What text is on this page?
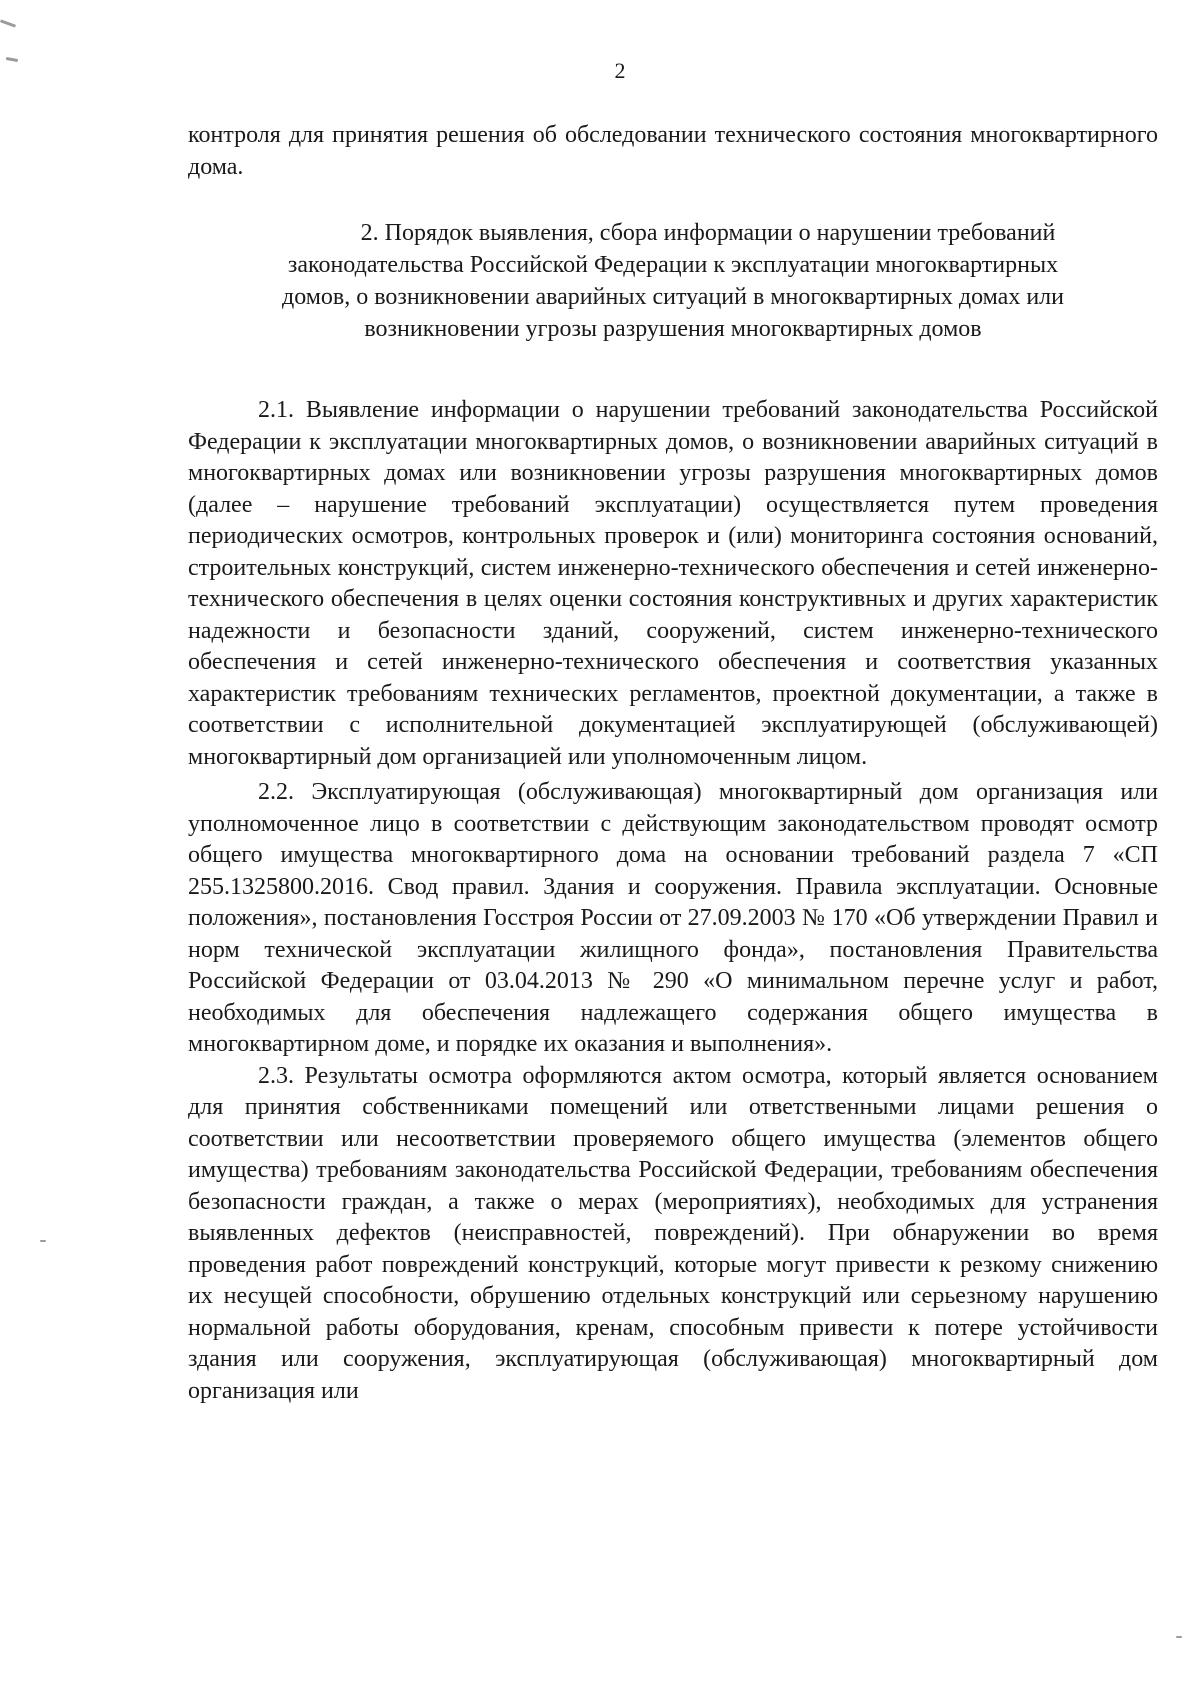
2

контроля для принятия решения об обследовании технического состояния многоквартирного дома.

2. Порядок выявления, сбора информации о нарушении требований
законодательства Российской Федерации к эксплуатации многоквартирных
домов, о возникновении аварийных ситуаций в многоквартирных домах или
возникновении угрозы разрушения многоквартирных домов

2.1. Выявление информации о нарушении требований законодательства Российской Федерации к эксплуатации многоквартирных домов, о возникновении аварийных ситуаций в многоквартирных домах или возникновении угрозы разрушения многоквартирных домов (далее – нарушение требований эксплуатации) осуществляется путем проведения периодических осмотров, контрольных проверок и (или) мониторинга состояния оснований, строительных конструкций, систем инженерно-технического обеспечения и сетей инженерно-технического обеспечения в целях оценки состояния конструктивных и других характеристик надежности и безопасности зданий, сооружений, систем инженерно-технического обеспечения и сетей инженерно-технического обеспечения и соответствия указанных характеристик требованиям технических регламентов, проектной документации, а также в соответствии с исполнительной документацией эксплуатирующей (обслуживающей) многоквартирный дом организацией или уполномоченным лицом.

2.2. Эксплуатирующая (обслуживающая) многоквартирный дом организация или уполномоченное лицо в соответствии с действующим законодательством проводят осмотр общего имущества многоквартирного дома на основании требований раздела 7 «СП 255.1325800.2016. Свод правил. Здания и сооружения. Правила эксплуатации. Основные положения», постановления Госстроя России от 27.09.2003 № 170 «Об утверждении Правил и норм технической эксплуатации жилищного фонда», постановления Правительства Российской Федерации от 03.04.2013 № 290 «О минимальном перечне услуг и работ, необходимых для обеспечения надлежащего содержания общего имущества в многоквартирном доме, и порядке их оказания и выполнения».

2.3. Результаты осмотра оформляются актом осмотра, который является основанием для принятия собственниками помещений или ответственными лицами решения о соответствии или несоответствии проверяемого общего имущества (элементов общего имущества) требованиям законодательства Российской Федерации, требованиям обеспечения безопасности граждан, а также о мерах (мероприятиях), необходимых для устранения выявленных дефектов (неисправностей, повреждений). При обнаружении во время проведения работ повреждений конструкций, которые могут привести к резкому снижению их несущей способности, обрушению отдельных конструкций или серьезному нарушению нормальной работы оборудования, кренам, способным привести к потере устойчивости здания или сооружения, эксплуатирующая (обслуживающая) многоквартирный дом организация или
